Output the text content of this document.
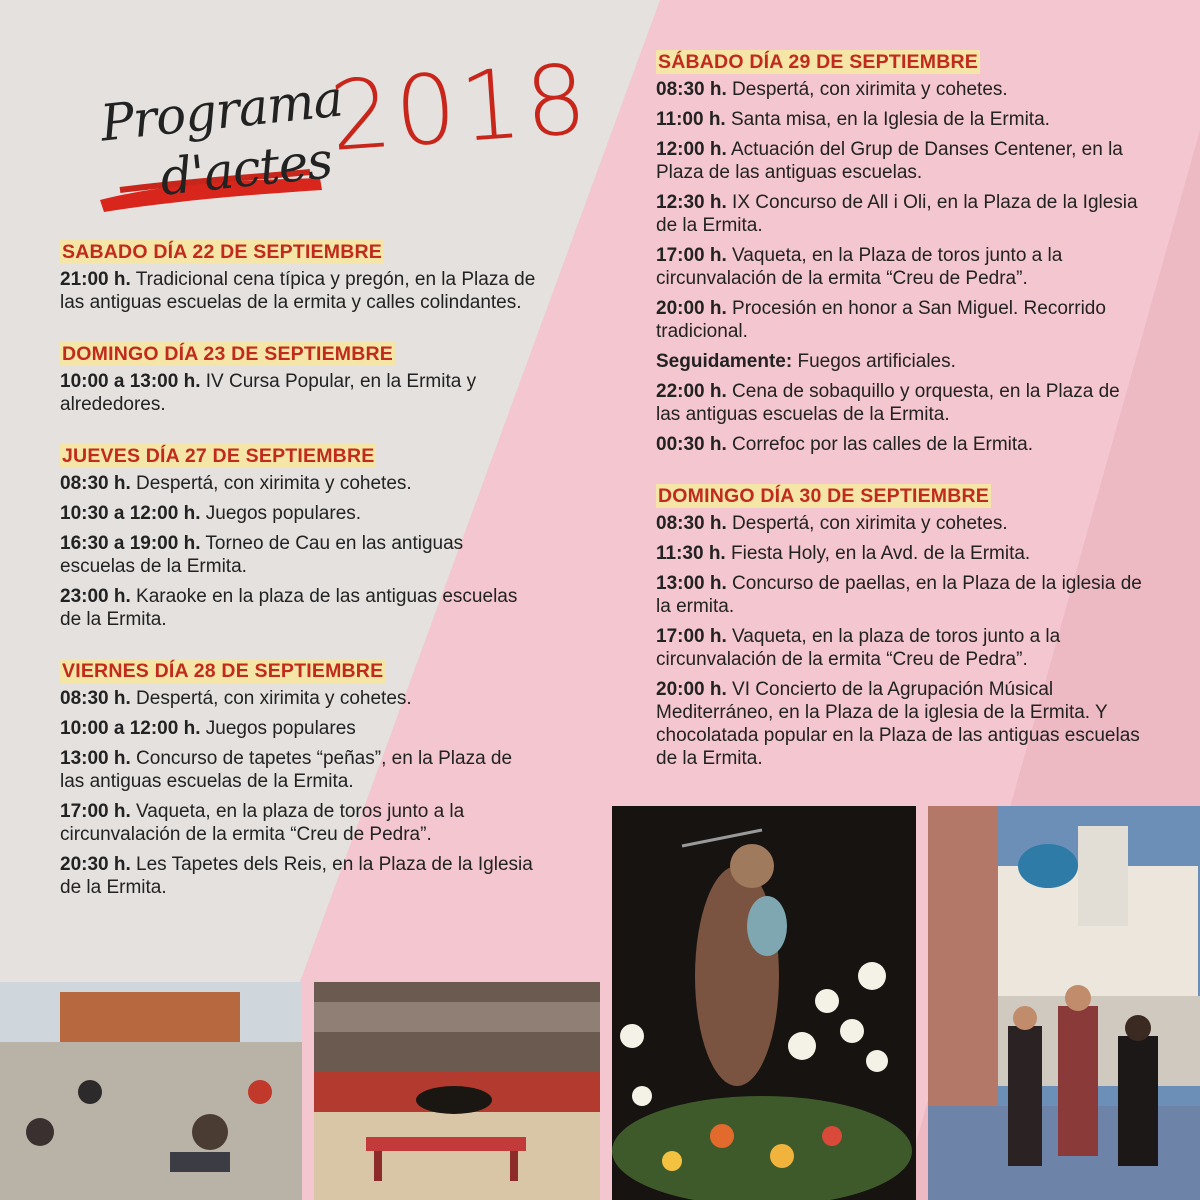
Programa
d'actes
2018
SABADO DÍA 22 DE SEPTIEMBRE
21:00 h. Tradicional cena típica y pregón, en la Plaza de las antiguas escuelas de la ermita y calles colindantes.
DOMINGO DÍA 23 DE SEPTIEMBRE
10:00 a 13:00 h. IV Cursa Popular, en la Ermita y alrededores.
JUEVES DÍA 27 DE SEPTIEMBRE
08:30 h. Despertá, con xirimita y cohetes.
10:30 a 12:00 h. Juegos populares.
16:30 a 19:00 h. Torneo de Cau en las antiguas escuelas de la Ermita.
23:00 h. Karaoke en la plaza de las antiguas escuelas de la Ermita.
VIERNES DÍA 28 DE SEPTIEMBRE
08:30 h. Despertá, con xirimita y cohetes.
10:00 a 12:00 h. Juegos populares
13:00 h. Concurso de tapetes “peñas”, en la Plaza de las antiguas escuelas de la Ermita.
17:00 h. Vaqueta, en la plaza de toros junto a la circunvalación de la ermita “Creu de Pedra”.
20:30 h. Les Tapetes dels Reis, en la Plaza de la Iglesia de la Ermita.
SÁBADO DÍA 29 DE SEPTIEMBRE
08:30 h. Despertá, con xirimita y cohetes.
11:00 h. Santa misa, en la Iglesia de la Ermita.
12:00 h. Actuación del Grup de Danses Centener, en la Plaza de las antiguas escuelas.
12:30 h. IX Concurso de All i Oli, en la Plaza de la Iglesia de la Ermita.
17:00 h. Vaqueta, en la Plaza de toros junto a la circunvalación de la ermita “Creu de Pedra”.
20:00 h. Procesión en honor a San Miguel. Recorrido tradicional.
Seguidamente: Fuegos artificiales.
22:00 h. Cena de sobaquillo y orquesta, en la Plaza de las antiguas escuelas de la Ermita.
00:30 h. Correfoc por las calles de la Ermita.
DOMINGO DÍA 30 DE SEPTIEMBRE
08:30 h. Despertá, con xirimita y cohetes.
11:30 h. Fiesta Holy, en la Avd. de la Ermita.
13:00 h. Concurso de paellas, en la Plaza de la iglesia de la ermita.
17:00 h. Vaqueta, en la plaza de toros junto a la circunvalación de la ermita “Creu de Pedra”.
20:00 h. VI Concierto de la Agrupación Músical Mediterráneo, en la Plaza de la iglesia de la Ermita. Y chocolatada popular en la Plaza de las antiguas escuelas de la Ermita.
